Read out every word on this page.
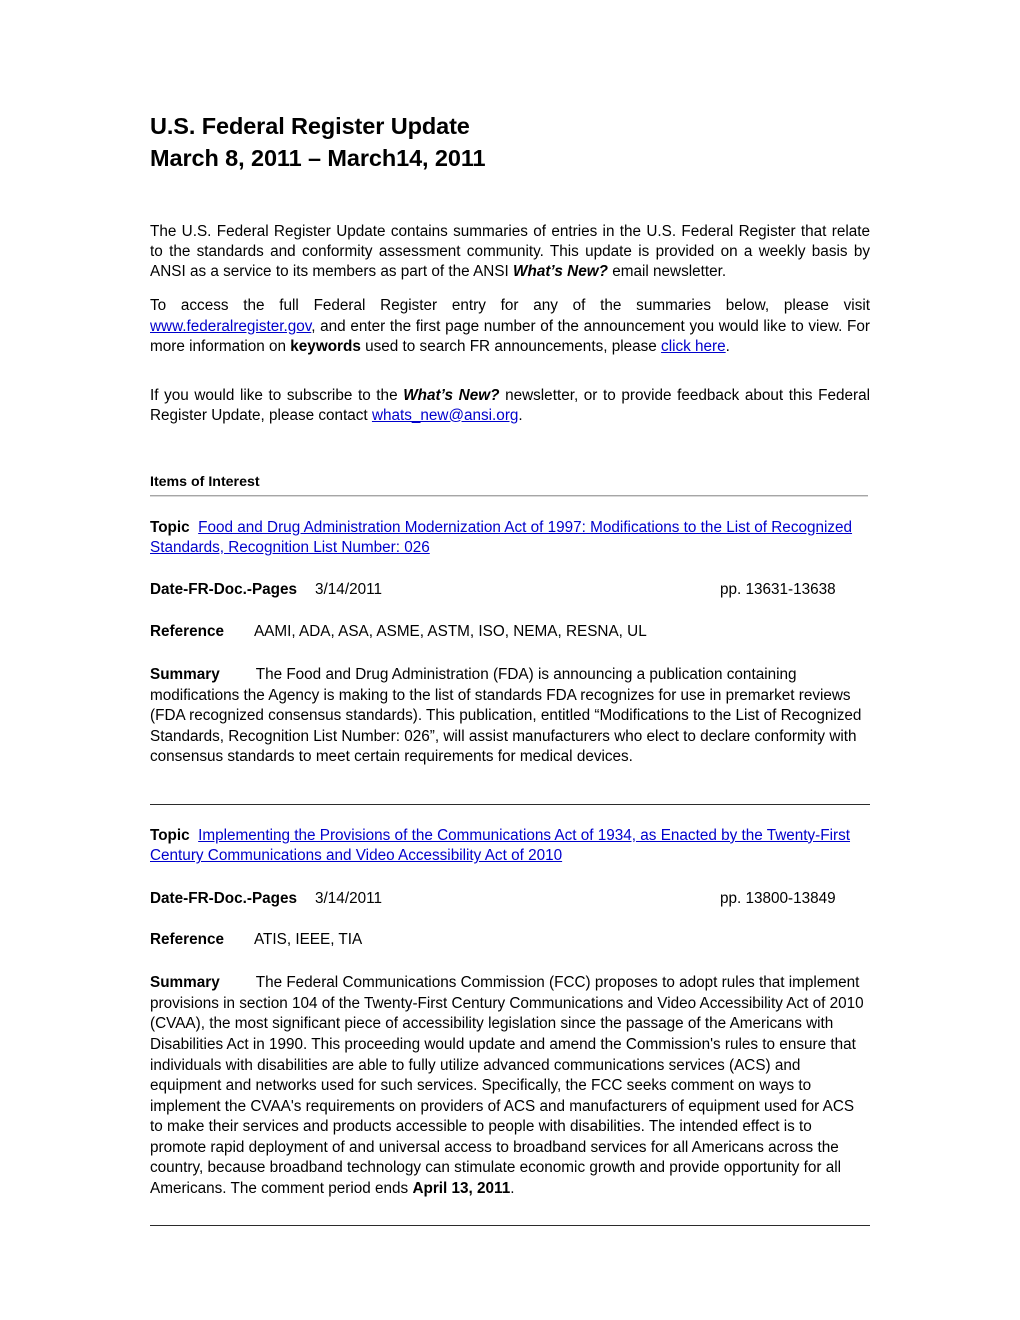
U.S. Federal Register Update
March 8, 2011 – March14, 2011

The U.S. Federal Register Update contains summaries of entries in the U.S. Federal Register that relate to the standards and conformity assessment community. This update is provided on a weekly basis by ANSI as a service to its members as part of the ANSI What’s New? email newsletter.

To access the full Federal Register entry for any of the summaries below, please visit www.federalregister.gov, and enter the first page number of the announcement you would like to view. For more information on keywords used to search FR announcements, please click here.

If you would like to subscribe to the What’s New? newsletter, or to provide feedback about this Federal Register Update, please contact whats_new@ansi.org.

Items of Interest

Topic Food and Drug Administration Modernization Act of 1997: Modifications to the List of Recognized Standards, Recognition List Number: 026

Date-FR-Doc.-Pages	3/14/2011	pp. 13631-13638

Reference	AAMI, ADA, ASA, ASME, ASTM, ISO, NEMA, RESNA, UL

Summary The Food and Drug Administration (FDA) is announcing a publication containing modifications the Agency is making to the list of standards FDA recognizes for use in premarket reviews (FDA recognized consensus standards). This publication, entitled “Modifications to the List of Recognized Standards, Recognition List Number: 026”, will assist manufacturers who elect to declare conformity with consensus standards to meet certain requirements for medical devices.

Topic Implementing the Provisions of the Communications Act of 1934, as Enacted by the Twenty-First Century Communications and Video Accessibility Act of 2010

Date-FR-Doc.-Pages	3/14/2011	pp. 13800-13849

Reference	ATIS, IEEE, TIA

Summary The Federal Communications Commission (FCC) proposes to adopt rules that implement provisions in section 104 of the Twenty-First Century Communications and Video Accessibility Act of 2010 (CVAA), the most significant piece of accessibility legislation since the passage of the Americans with Disabilities Act in 1990. This proceeding would update and amend the Commission's rules to ensure that individuals with disabilities are able to fully utilize advanced communications services (ACS) and equipment and networks used for such services. Specifically, the FCC seeks comment on ways to implement the CVAA's requirements on providers of ACS and manufacturers of equipment used for ACS to make their services and products accessible to people with disabilities. The intended effect is to promote rapid deployment of and universal access to broadband services for all Americans across the country, because broadband technology can stimulate economic growth and provide opportunity for all Americans. The comment period ends April 13, 2011.
